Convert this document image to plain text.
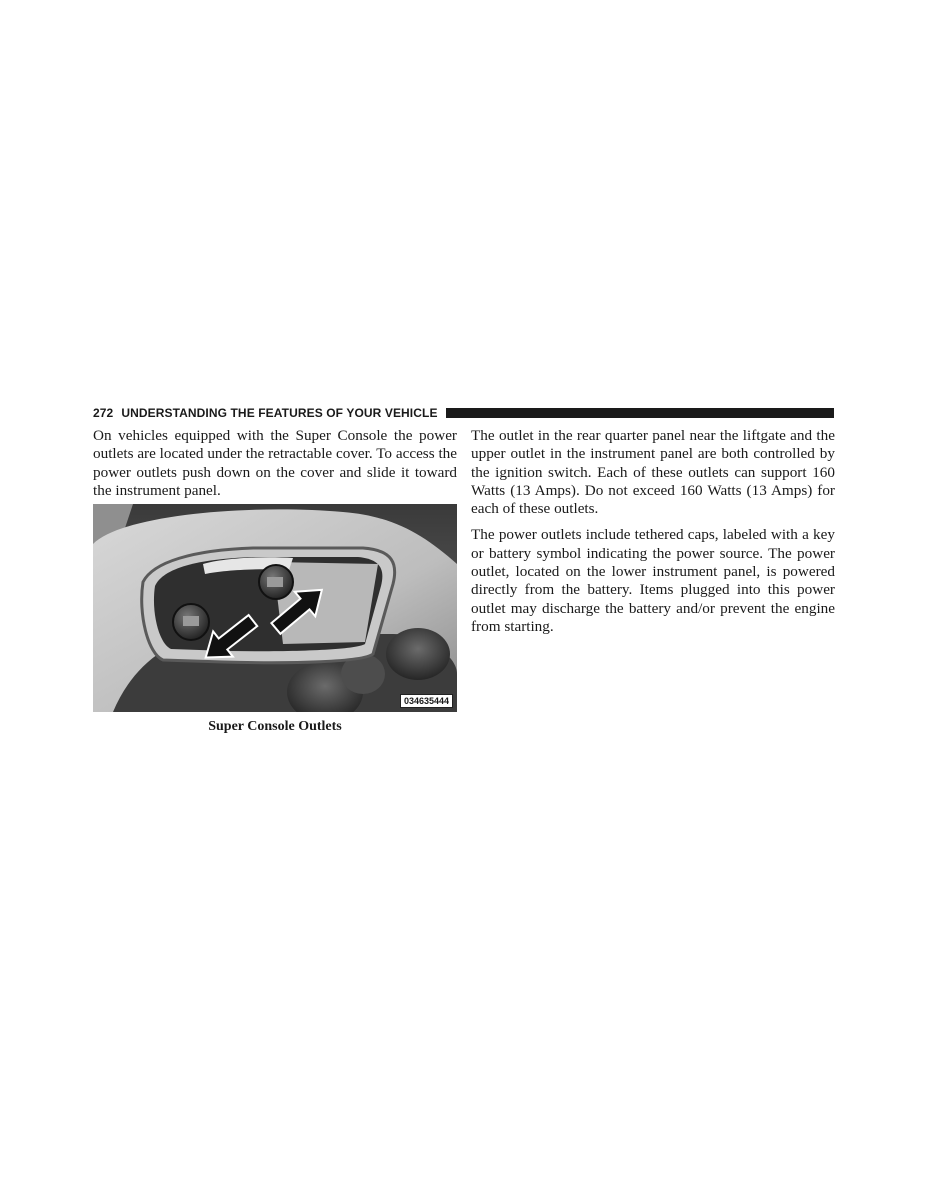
272 UNDERSTANDING THE FEATURES OF YOUR VEHICLE

On vehicles equipped with the Super Console the power outlets are located under the retractable cover. To access the power outlets push down on the cover and slide it toward the instrument panel.

034635444
Super Console Outlets

The outlet in the rear quarter panel near the liftgate and the upper outlet in the instrument panel are both controlled by the ignition switch. Each of these outlets can support 160 Watts (13 Amps). Do not exceed 160 Watts (13 Amps) for each of these outlets.

The power outlets include tethered caps, labeled with a key or battery symbol indicating the power source. The power outlet, located on the lower instrument panel, is powered directly from the battery. Items plugged into this power outlet may discharge the battery and/or prevent the engine from starting.
